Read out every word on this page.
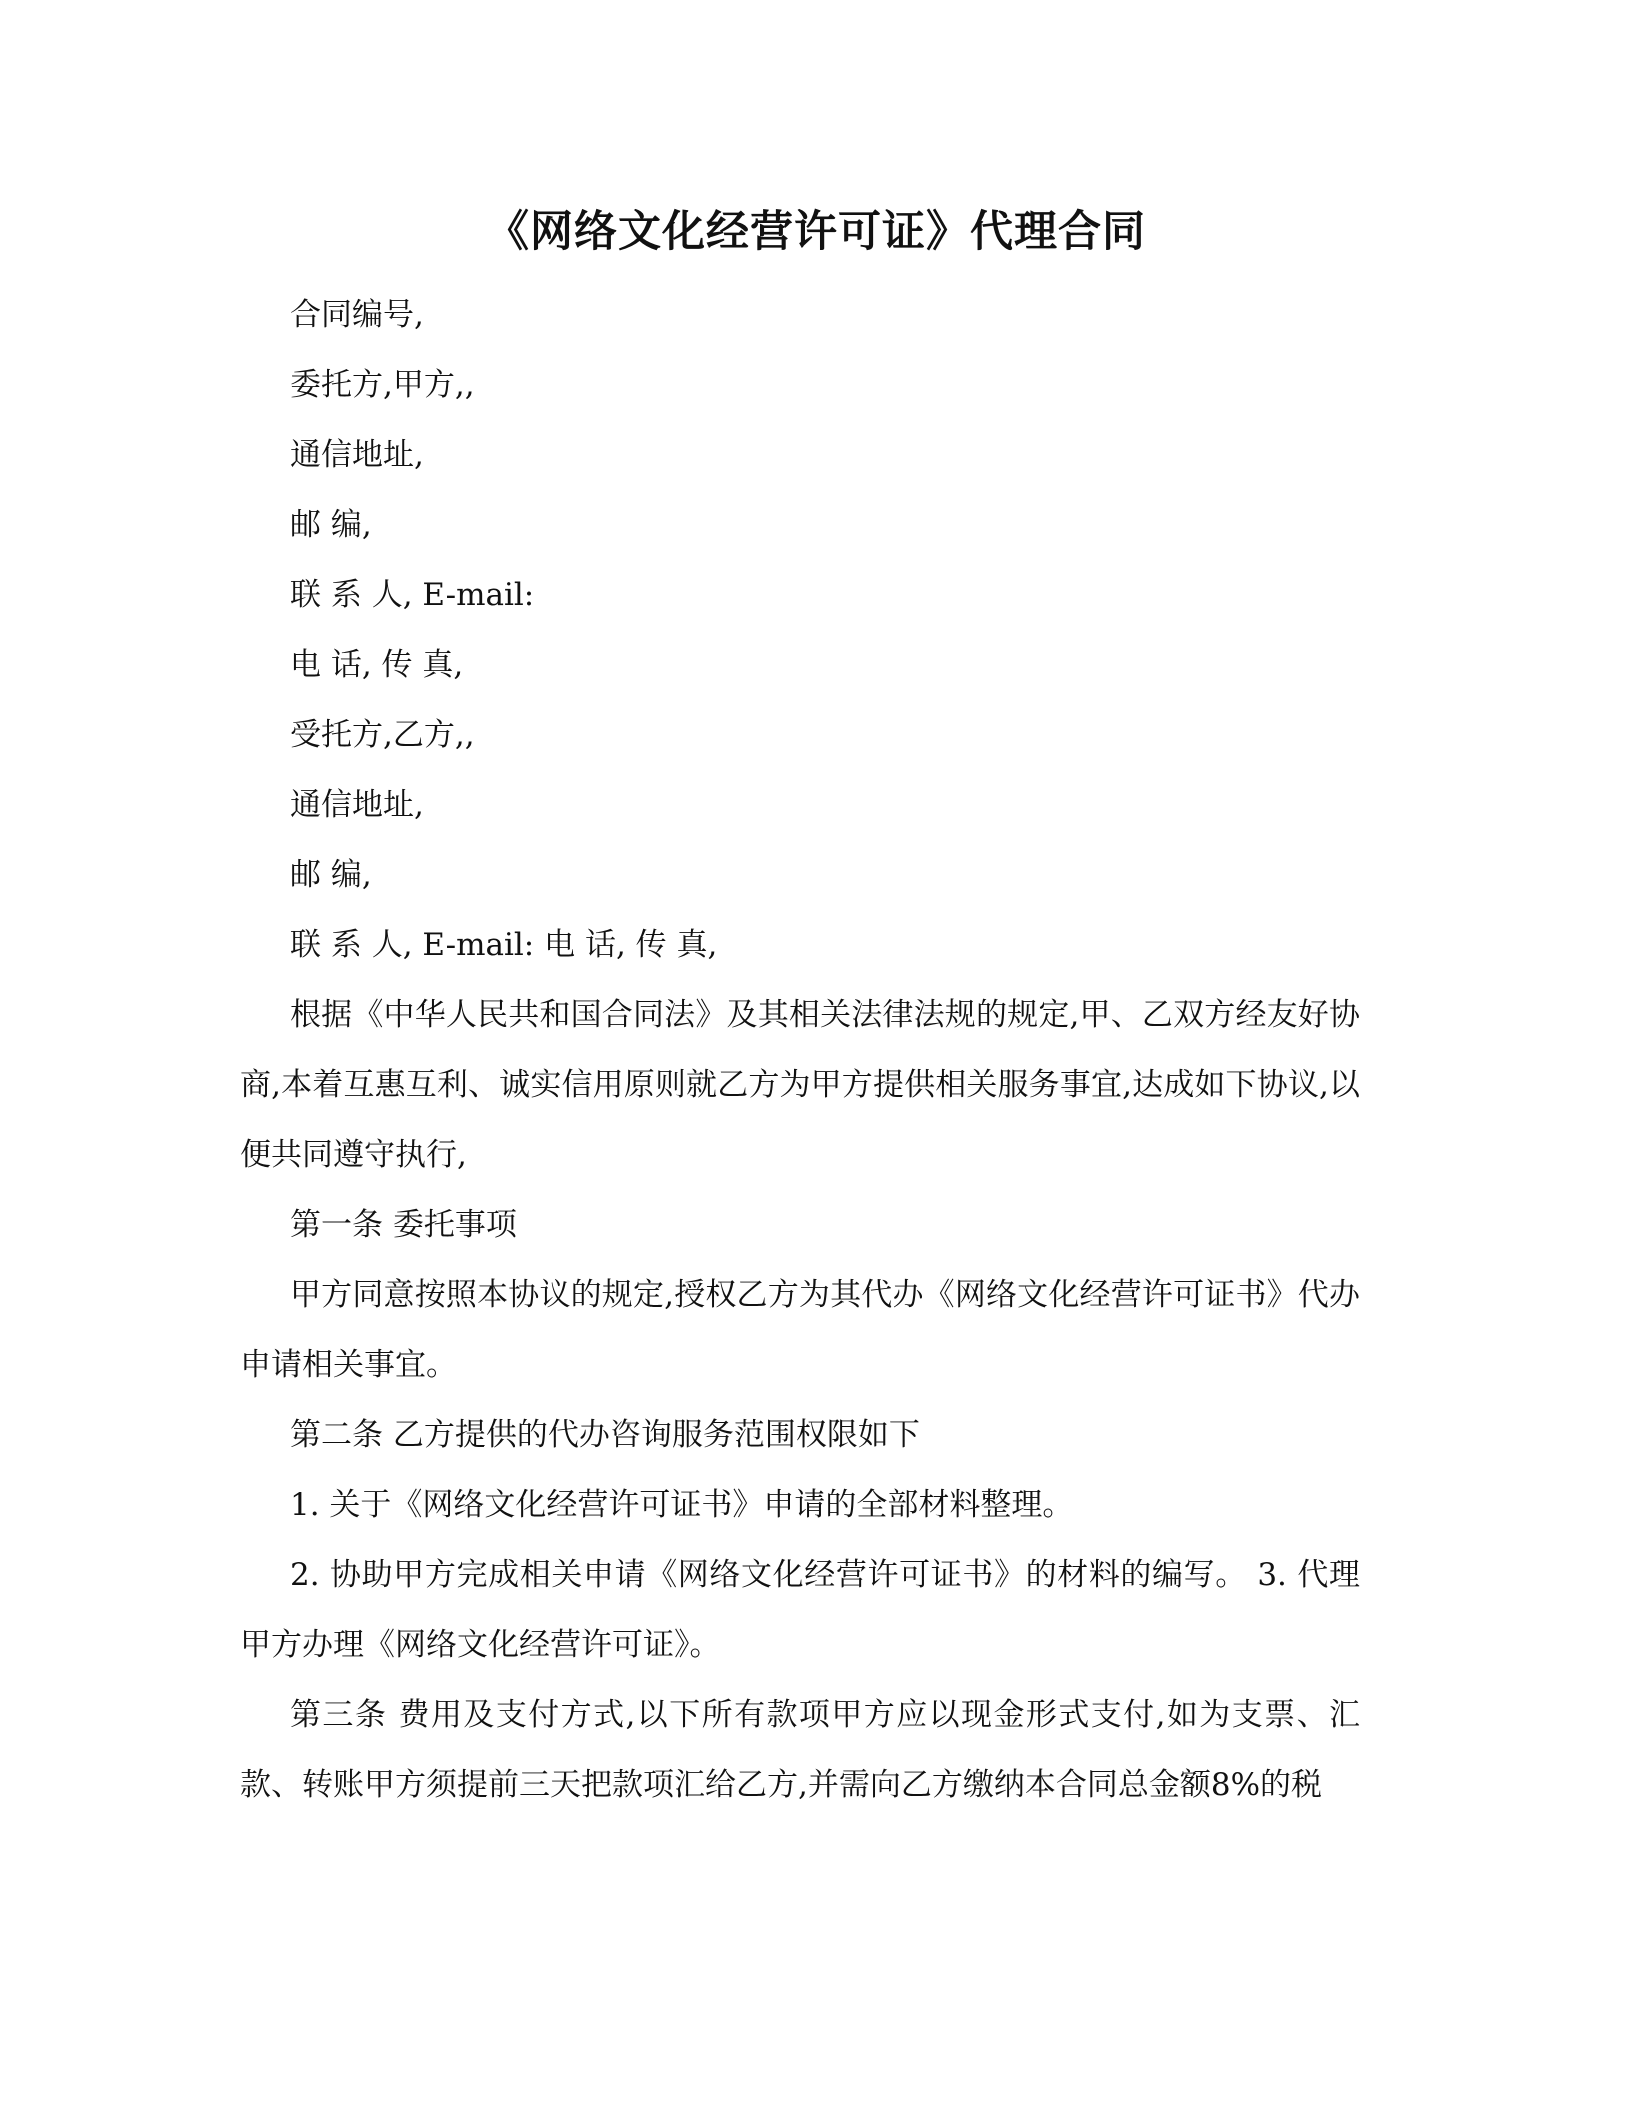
《网络文化经营许可证》代理合同
合同编号,
委托方,甲方,,
通信地址,
邮 编,
联 系 人, E-mail:
电 话, 传 真,
受托方,乙方,,
通信地址,
邮 编,
联 系 人, E-mail: 电 话, 传 真,
根据《中华人民共和国合同法》及其相关法律法规的规定,甲、乙双方经友好协商,本着互惠互利、诚实信用原则就乙方为甲方提供相关服务事宜,达成如下协议,以便共同遵守执行,
第一条 委托事项
甲方同意按照本协议的规定,授权乙方为其代办《网络文化经营许可证书》代办申请相关事宜。
第二条 乙方提供的代办咨询服务范围权限如下
1. 关于《网络文化经营许可证书》申请的全部材料整理。
2. 协助甲方完成相关申请《网络文化经营许可证书》的材料的编写。 3. 代理甲方办理《网络文化经营许可证》。
第三条 费用及支付方式,以下所有款项甲方应以现金形式支付,如为支票、汇款、转账甲方须提前三天把款项汇给乙方,并需向乙方缴纳本合同总金额8%的税
